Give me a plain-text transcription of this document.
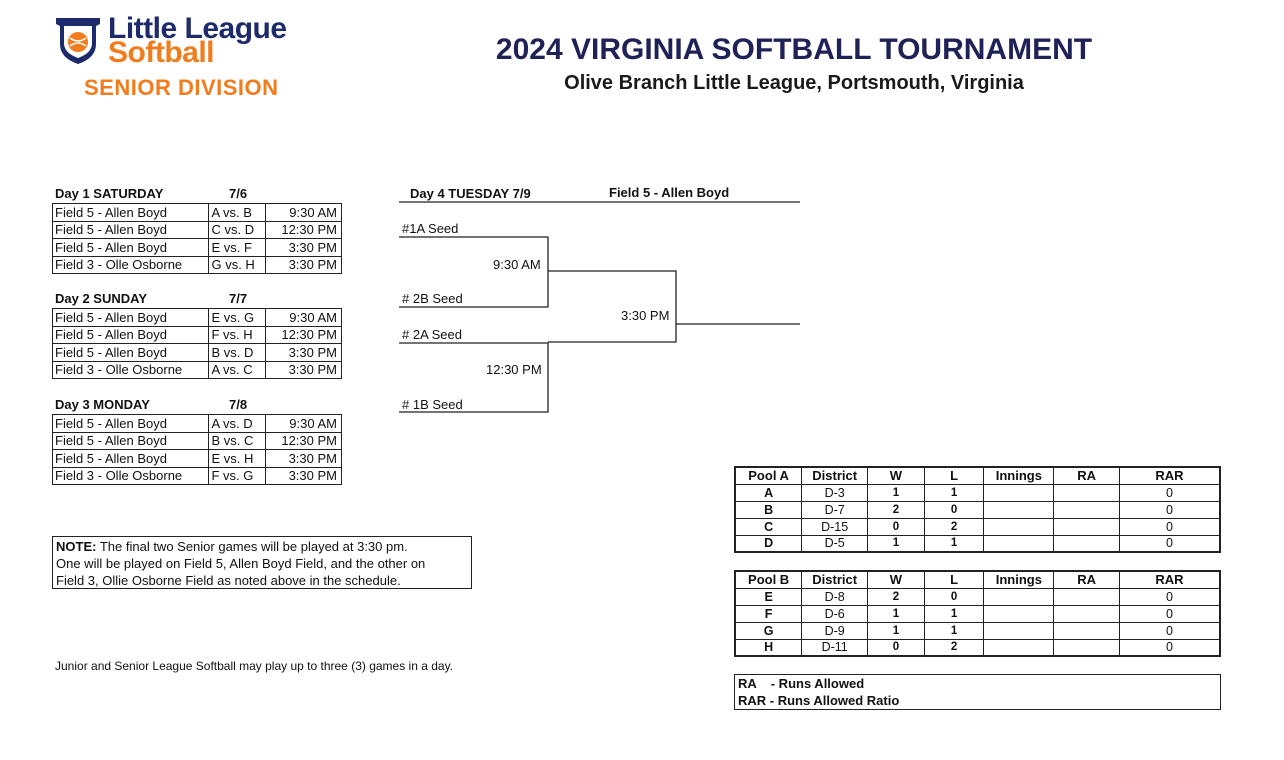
Little League
Softball
SENIOR DIVISION
2024 VIRGINIA SOFTBALL TOURNAMENT
Olive Branch Little League, Portsmouth, Virginia
Day 1 SATURDAY	7/6
Field 5 - Allen Boyd	A vs. B	9:30 AM
Field 5 - Allen Boyd	C vs. D	12:30 PM
Field 5 - Allen Boyd	E vs. F	3:30 PM
Field 3 - Olle Osborne	G vs. H	3:30 PM
Day 2 SUNDAY	7/7
Field 5 - Allen Boyd	E vs. G	9:30 AM
Field 5 - Allen Boyd	F vs. H	12:30 PM
Field 5 - Allen Boyd	B vs. D	3:30 PM
Field 3 - Olle Osborne	A vs. C	3:30 PM
Day 3 MONDAY	7/8
Field 5 - Allen Boyd	A vs. D	9:30 AM
Field 5 - Allen Boyd	B vs. C	12:30 PM
Field 5 - Allen Boyd	E vs. H	3:30 PM
Field 3 - Olle Osborne	F vs. G	3:30 PM
Day 4 TUESDAY 7/9	Field 5 - Allen Boyd
#1A Seed
# 2B Seed
# 2A Seed
# 1B Seed
9:30 AM
12:30 PM
3:30 PM
NOTE: The final two Senior games will be played at 3:30 pm.
One will be played on Field 5, Allen Boyd Field, and the other on
Field 3, Ollie Osborne Field as noted above in the schedule.
Junior and Senior League Softball may play up to three (3) games in a day.
Pool A	District	W	L	Innings	RA	RAR
A	D-3	1	1			0
B	D-7	2	0			0
C	D-15	0	2			0
D	D-5	1	1			0
Pool B	District	W	L	Innings	RA	RAR
E	D-8	2	0			0
F	D-6	1	1			0
G	D-9	1	1			0
H	D-11	0	2			0
RA    - Runs Allowed
RAR - Runs Allowed Ratio
